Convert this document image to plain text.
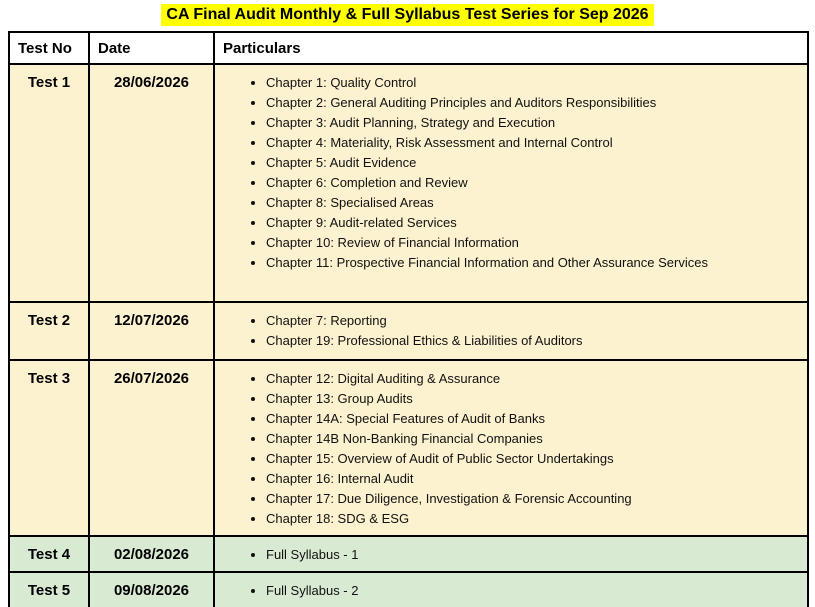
CA Final Audit Monthly & Full Syllabus Test Series for Sep 2026
Test No	Date	Particulars
Test 1	28/06/2026	
•Chapter 1: Quality Control
• Chapter 2: General Auditing Principles and Auditors Responsibilities
• Chapter 3: Audit Planning, Strategy and Execution
• Chapter 4: Materiality, Risk Assessment and Internal Control
• Chapter 5: Audit Evidence
• Chapter 6: Completion and Review
• Chapter 8: Specialised Areas
• Chapter 9: Audit-related Services
• Chapter 10: Review of Financial Information
• Chapter 11: Prospective Financial Information and Other Assurance Services

Test 2	12/07/2026	
•Chapter 7: Reporting
• Chapter 19: Professional Ethics & Liabilities of Auditors

Test 3	26/07/2026	
•Chapter 12: Digital Auditing & Assurance
• Chapter 13: Group Audits
• Chapter 14A: Special Features of Audit of Banks
• Chapter 14B Non-Banking Financial Companies
• Chapter 15: Overview of Audit of Public Sector Undertakings
• Chapter 16: Internal Audit
• Chapter 17: Due Diligence, Investigation & Forensic Accounting
• Chapter 18: SDG & ESG

Test 4	02/08/2026	
•Full Syllabus - 1

Test 5	09/08/2026	
•Full Syllabus - 2
